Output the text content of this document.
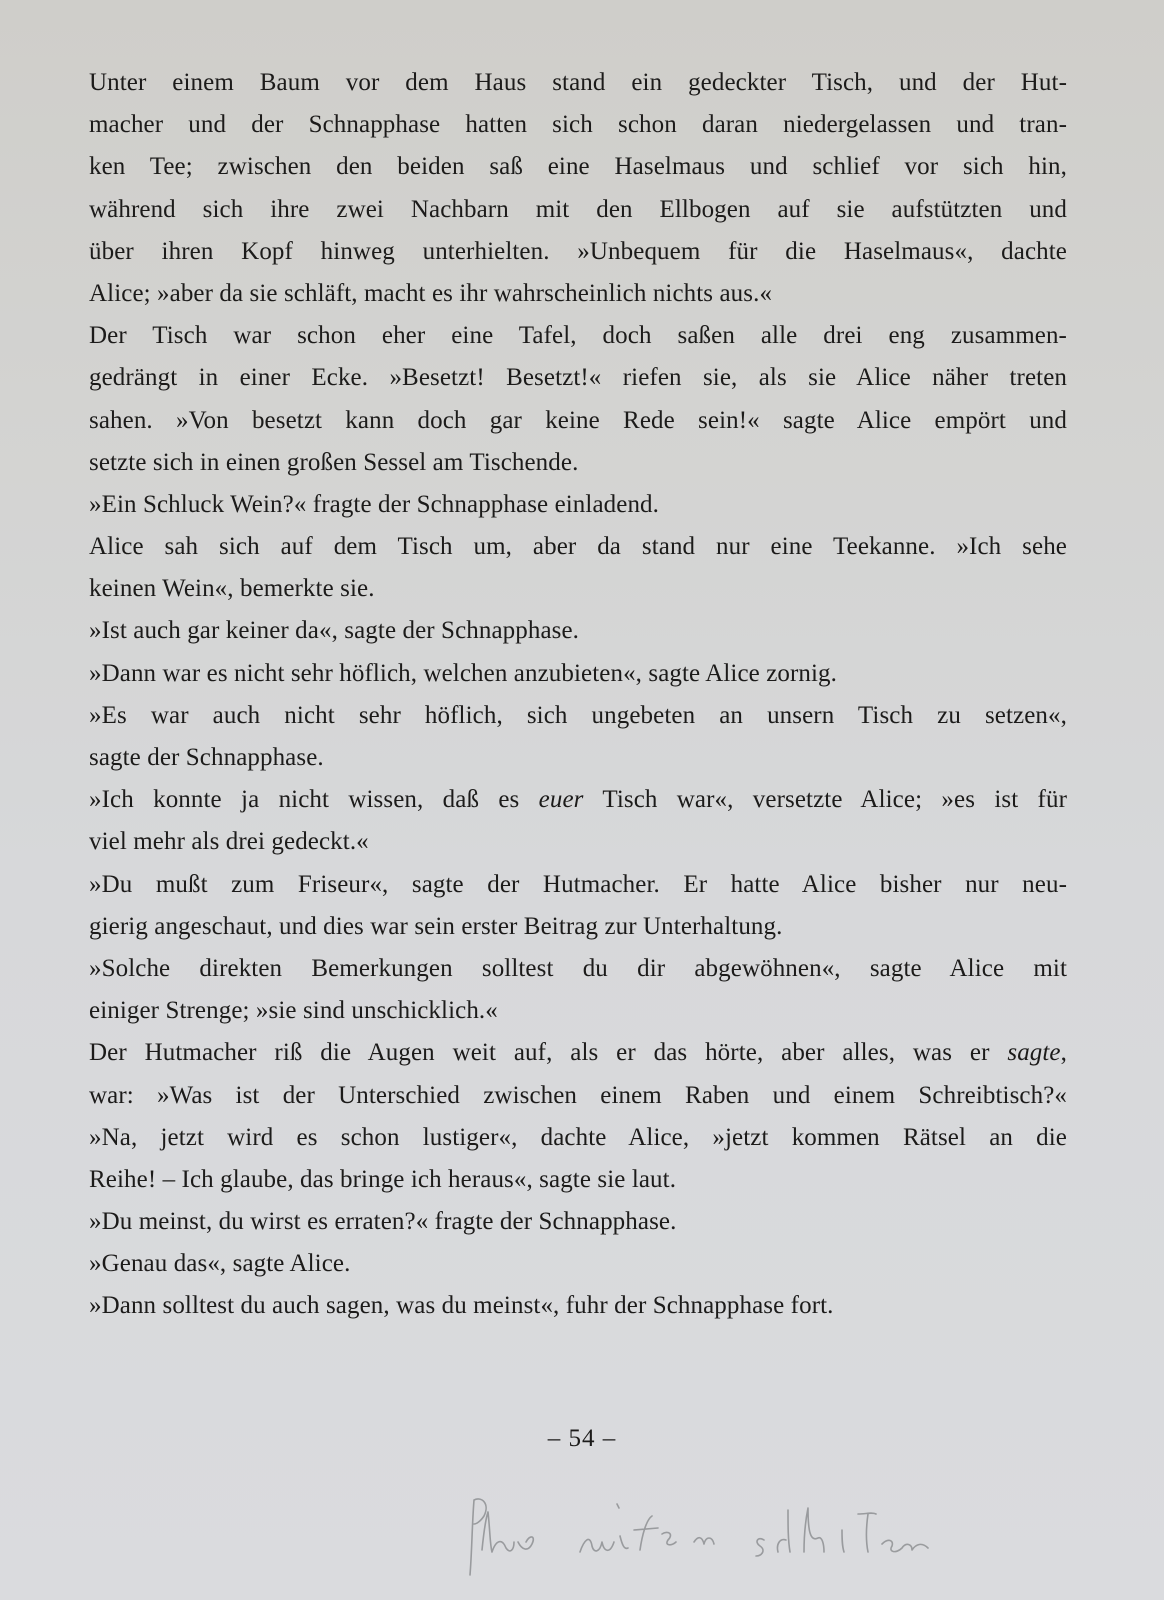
Unter einem Baum vor dem Haus stand ein gedeckter Tisch, und der Hut-
macher und der Schnapphase hatten sich schon daran niedergelassen und tran-
ken Tee; zwischen den beiden saß eine Haselmaus und schlief vor sich hin,
während sich ihre zwei Nachbarn mit den Ellbogen auf sie aufstützten und
über ihren Kopf hinweg unterhielten. »Unbequem für die Haselmaus«, dachte
Alice; »aber da sie schläft, macht es ihr wahrscheinlich nichts aus.«
Der Tisch war schon eher eine Tafel, doch saßen alle drei eng zusammen-
gedrängt in einer Ecke. »Besetzt! Besetzt!« riefen sie, als sie Alice näher treten
sahen. »Von besetzt kann doch gar keine Rede sein!« sagte Alice empört und
setzte sich in einen großen Sessel am Tischende.
»Ein Schluck Wein?« fragte der Schnapphase einladend.
Alice sah sich auf dem Tisch um, aber da stand nur eine Teekanne. »Ich sehe
keinen Wein«, bemerkte sie.
»Ist auch gar keiner da«, sagte der Schnapphase.
»Dann war es nicht sehr höflich, welchen anzubieten«, sagte Alice zornig.
»Es war auch nicht sehr höflich, sich ungebeten an unsern Tisch zu setzen«,
sagte der Schnapphase.
»Ich konnte ja nicht wissen, daß es euer Tisch war«, versetzte Alice; »es ist für
viel mehr als drei gedeckt.«
»Du mußt zum Friseur«, sagte der Hutmacher. Er hatte Alice bisher nur neu-
gierig angeschaut, und dies war sein erster Beitrag zur Unterhaltung.
»Solche direkten Bemerkungen solltest du dir abgewöhnen«, sagte Alice mit
einiger Strenge; »sie sind unschicklich.«
Der Hutmacher riß die Augen weit auf, als er das hörte, aber alles, was er sagte,
war: »Was ist der Unterschied zwischen einem Raben und einem Schreibtisch?«
»Na, jetzt wird es schon lustiger«, dachte Alice, »jetzt kommen Rätsel an die
Reihe! – Ich glaube, das bringe ich heraus«, sagte sie laut.
»Du meinst, du wirst es erraten?« fragte der Schnapphase.
»Genau das«, sagte Alice.
»Dann solltest du auch sagen, was du meinst«, fuhr der Schnapphase fort.
– 54 –
